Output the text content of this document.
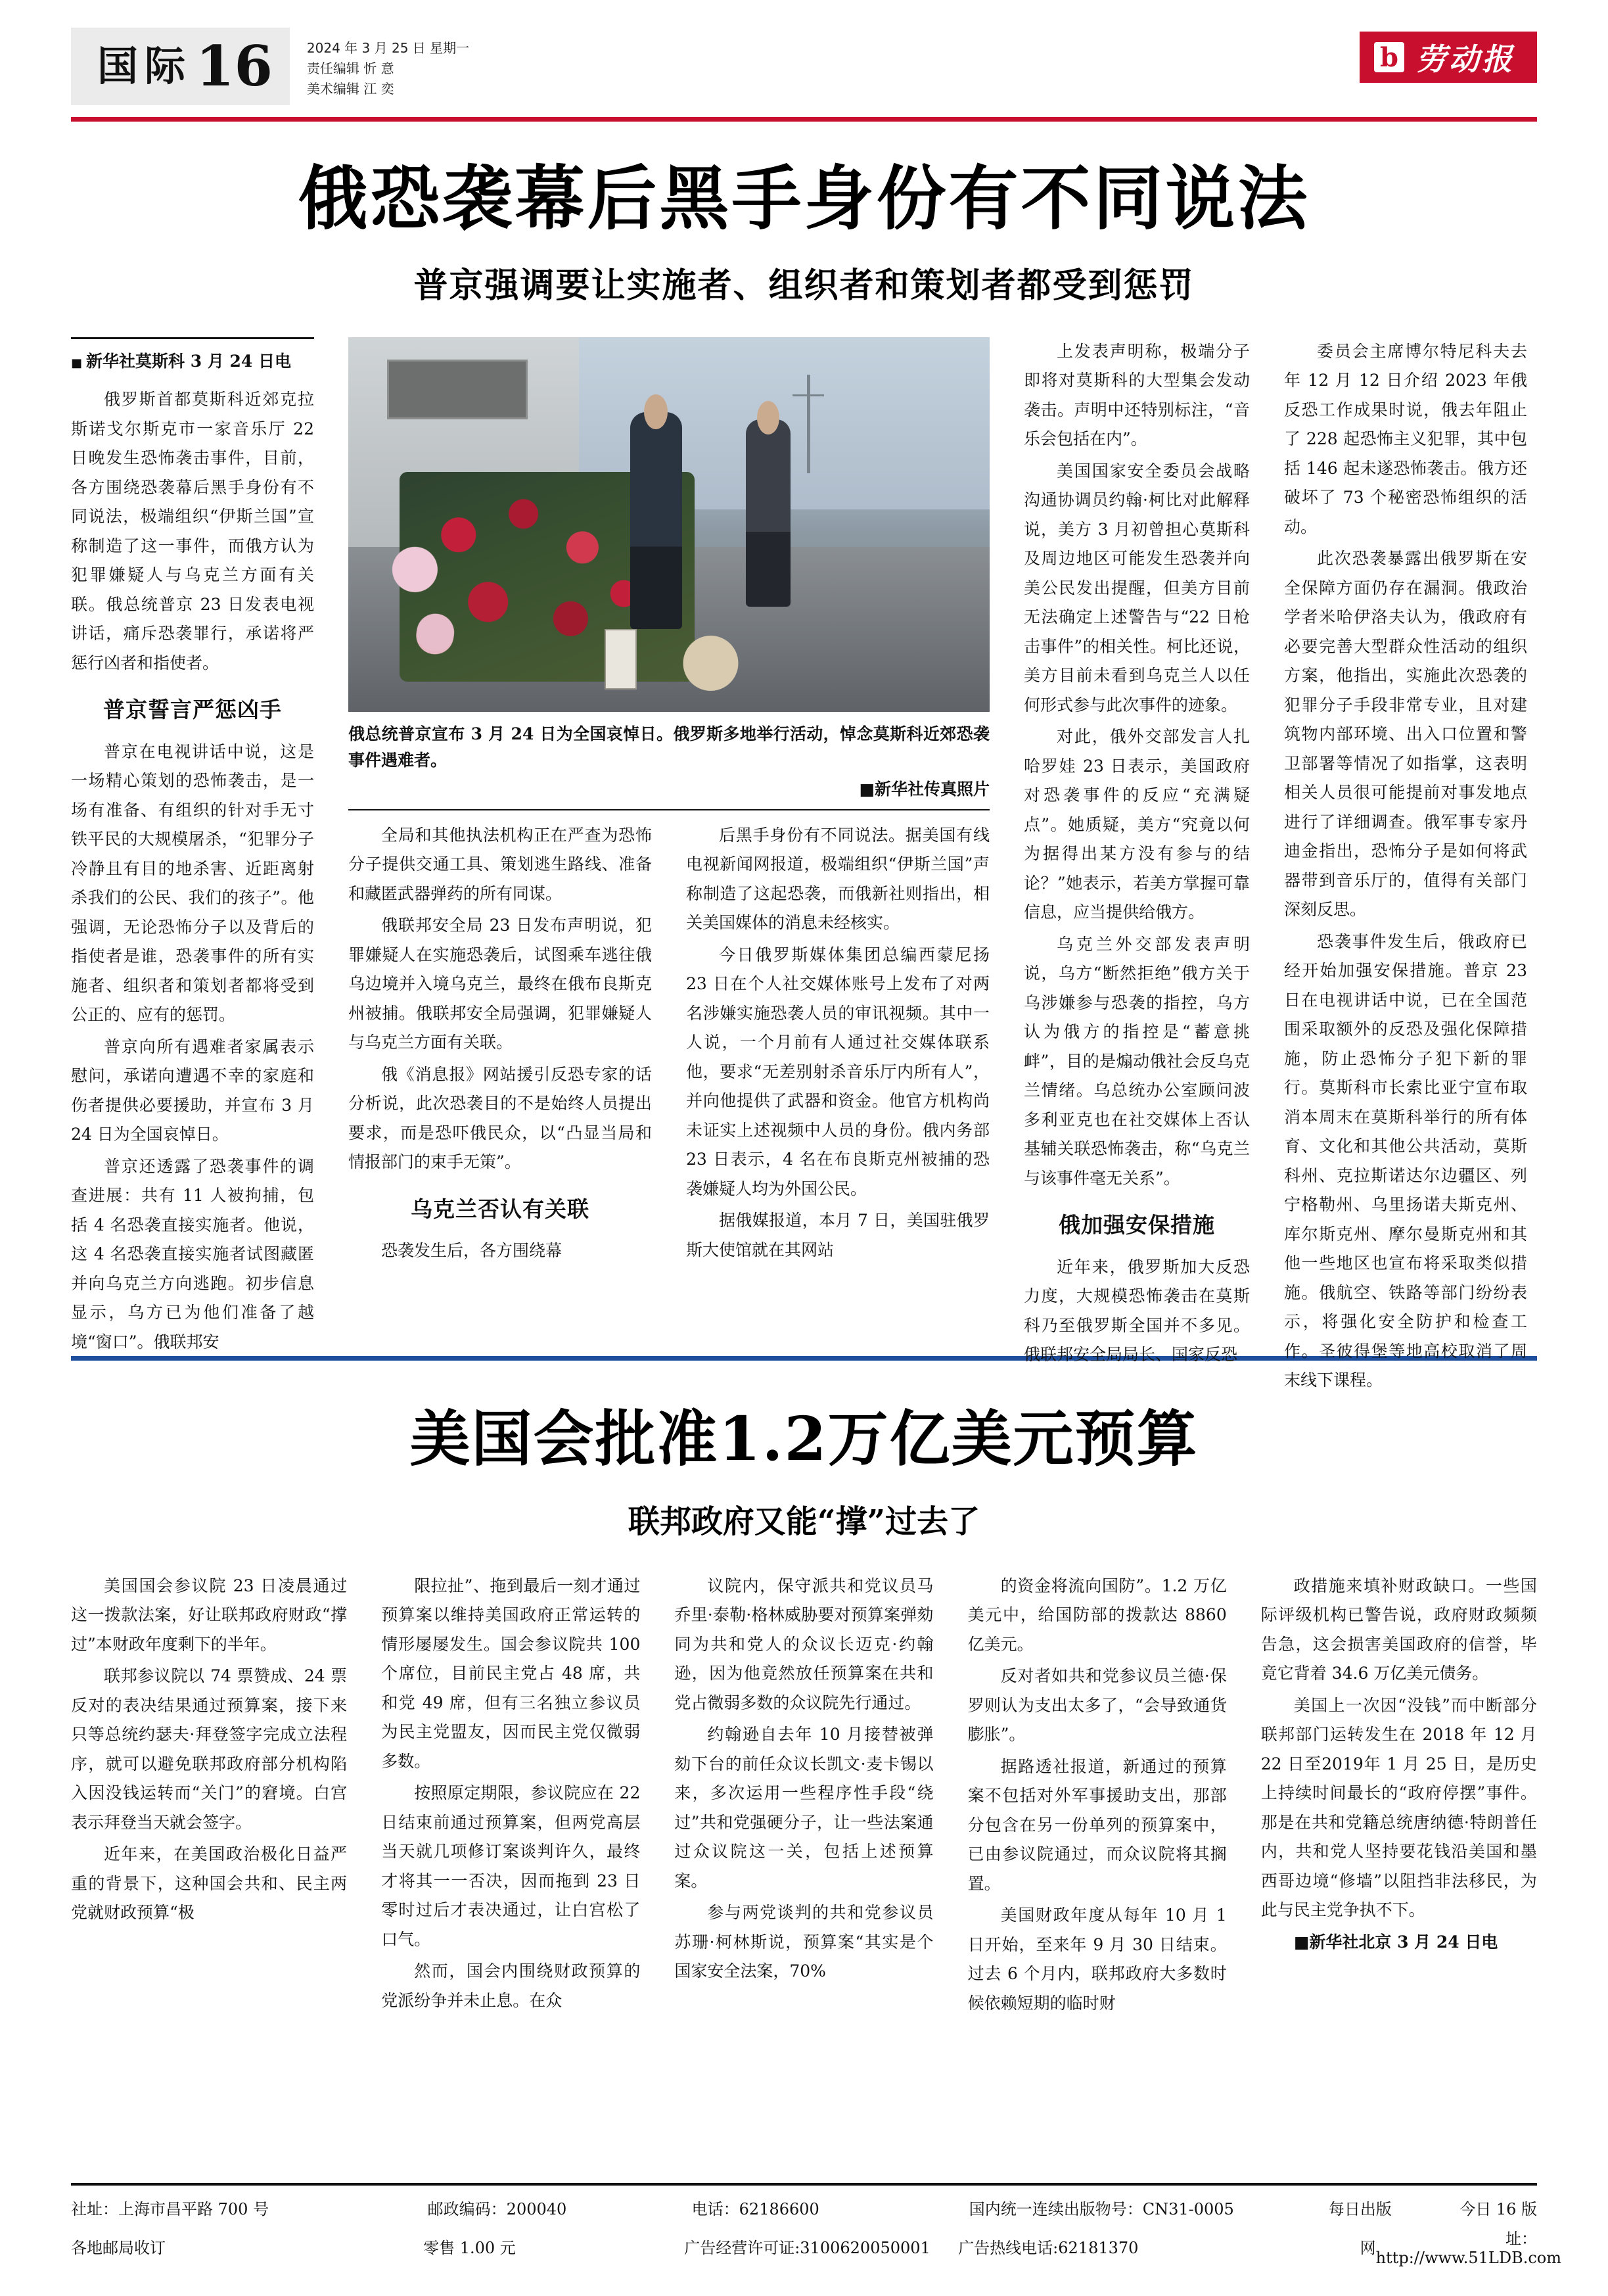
国际 16	2024 年 3 月 25 日 星期一
责任编辑 忻 意
美术编辑 江 奕
b 劳动报
俄恐袭幕后黑手身份有不同说法
普京强调要让实施者、组织者和策划者都受到惩罚
■ 新华社莫斯科 3 月 24 日电

俄罗斯首都莫斯科近郊克拉斯诺戈尔斯克市一家音乐厅 22 日晚发生恐怖袭击事件，目前，各方围绕恐袭幕后黑手身份有不同说法，极端组织“伊斯兰国”宣称制造了这一事件，而俄方认为犯罪嫌疑人与乌克兰方面有关联。俄总统普京 23 日发表电视讲话，痛斥恐袭罪行，承诺将严惩行凶者和指使者。

普京誓言严惩凶手

普京在电视讲话中说，这是一场精心策划的恐怖袭击，是一场有准备、有组织的针对手无寸铁平民的大规模屠杀，“犯罪分子冷静且有目的地杀害、近距离射杀我们的公民、我们的孩子”。他强调，无论恐怖分子以及背后的指使者是谁，恐袭事件的所有实施者、组织者和策划者都将受到公正的、应有的惩罚。

普京向所有遇难者家属表示慰问，承诺向遭遇不幸的家庭和伤者提供必要援助，并宣布 3 月 24 日为全国哀悼日。

普京还透露了恐袭事件的调查进展：共有 11 人被拘捕，包括 4 名恐袭直接实施者。他说，这 4 名恐袭直接实施者试图藏匿并向乌克兰方向逃跑。初步信息显示，乌方已为他们准备了越境“窗口”。俄联邦安

俄总统普京宣布 3 月 24 日为全国哀悼日。俄罗斯多地举行活动，悼念莫斯科近郊恐袭事件遇难者。
■新华社传真照片

全局和其他执法机构正在严查为恐怖分子提供交通工具、策划逃生路线、准备和藏匿武器弹药的所有同谋。

俄联邦安全局 23 日发布声明说，犯罪嫌疑人在实施恐袭后，试图乘车逃往俄乌边境并入境乌克兰，最终在俄布良斯克州被捕。俄联邦安全局强调，犯罪嫌疑人与乌克兰方面有关联。

俄《消息报》网站援引反恐专家的话分析说，此次恐袭目的不是始终人员提出要求，而是恐吓俄民众，以“凸显当局和情报部门的束手无策”。

乌克兰否认有关联

恐袭发生后，各方围绕幕

后黑手身份有不同说法。据美国有线电视新闻网报道，极端组织“伊斯兰国”声称制造了这起恐袭，而俄新社则指出，相关美国媒体的消息未经核实。

今日俄罗斯媒体集团总编西蒙尼扬 23 日在个人社交媒体账号上发布了对两名涉嫌实施恐袭人员的审讯视频。其中一人说，一个月前有人通过社交媒体联系他，要求“无差别射杀音乐厅内所有人”，并向他提供了武器和资金。他官方机构尚未证实上述视频中人员的身份。俄内务部 23 日表示，4 名在布良斯克州被捕的恐袭嫌疑人均为外国公民。

据俄媒报道，本月 7 日，美国驻俄罗斯大使馆就在其网站

上发表声明称，极端分子即将对莫斯科的大型集会发动袭击。声明中还特别标注，“音乐会包括在内”。

美国国家安全委员会战略沟通协调员约翰·柯比对此解释说，美方 3 月初曾担心莫斯科及周边地区可能发生恐袭并向美公民发出提醒，但美方目前无法确定上述警告与“22 日枪击事件”的相关性。柯比还说，美方目前未看到乌克兰人以任何形式参与此次事件的迹象。

对此，俄外交部发言人扎哈罗娃 23 日表示，美国政府对恐袭事件的反应“充满疑点”。她质疑，美方“究竟以何为据得出某方没有参与的结论？”她表示，若美方掌握可靠信息，应当提供给俄方。

乌克兰外交部发表声明说，乌方“断然拒绝”俄方关于乌涉嫌参与恐袭的指控，乌方认为俄方的指控是“蓄意挑衅”，目的是煽动俄社会反乌克兰情绪。乌总统办公室顾问波多利亚克也在社交媒体上否认基辅关联恐怖袭击，称“乌克兰与该事件毫无关系”。

俄加强安保措施

近年来，俄罗斯加大反恐力度，大规模恐怖袭击在莫斯科乃至俄罗斯全国并不多见。俄联邦安全局局长、国家反恐

委员会主席博尔特尼科夫去年 12 月 12 日介绍 2023 年俄反恐工作成果时说，俄去年阻止了 228 起恐怖主义犯罪，其中包括 146 起未遂恐怖袭击。俄方还破坏了 73 个秘密恐怖组织的活动。

此次恐袭暴露出俄罗斯在安全保障方面仍存在漏洞。俄政治学者米哈伊洛夫认为，俄政府有必要完善大型群众性活动的组织方案，他指出，实施此次恐袭的犯罪分子手段非常专业，且对建筑物内部环境、出入口位置和警卫部署等情况了如指掌，这表明相关人员很可能提前对事发地点进行了详细调查。俄军事专家丹迪金指出，恐怖分子是如何将武器带到音乐厅的，值得有关部门深刻反思。

恐袭事件发生后，俄政府已经开始加强安保措施。普京 23 日在电视讲话中说，已在全国范围采取额外的反恐及强化保障措施，防止恐怖分子犯下新的罪行。莫斯科市长索比亚宁宣布取消本周末在莫斯科举行的所有体育、文化和其他公共活动，莫斯科州、克拉斯诺达尔边疆区、列宁格勒州、乌里扬诺夫斯克州、库尔斯克州、摩尔曼斯克州和其他一些地区也宣布将采取类似措施。俄航空、铁路等部门纷纷表示，将强化安全防护和检查工作。圣彼得堡等地高校取消了周末线下课程。

美国会批准1.2万亿美元预算
联邦政府又能“撑”过去了

美国国会参议院 23 日凌晨通过这一拨款法案，好让联邦政府财政“撑过”本财政年度剩下的半年。

联邦参议院以 74 票赞成、24 票反对的表决结果通过预算案，接下来只等总统约瑟夫·拜登签字完成立法程序，就可以避免联邦政府部分机构陷入因没钱运转而“关门”的窘境。白宫表示拜登当天就会签字。

近年来，在美国政治极化日益严重的背景下，这种国会共和、民主两党就财政预算“极

限拉扯”、拖到最后一刻才通过预算案以维持美国政府正常运转的情形屡屡发生。国会参议院共 100 个席位，目前民主党占 48 席，共和党 49 席，但有三名独立参议员为民主党盟友，因而民主党仅微弱多数。

按照原定期限，参议院应在 22 日结束前通过预算案，但两党高层当天就几项修订案谈判许久，最终才将其一一否决，因而拖到 23 日零时过后才表决通过，让白宫松了口气。

然而，国会内围绕财政预算的党派纷争并未止息。在众

议院内，保守派共和党议员马乔里·泰勒·格林威胁要对预算案弹劾同为共和党人的众议长迈克·约翰逊，因为他竟然放任预算案在共和党占微弱多数的众议院先行通过。

约翰逊自去年 10 月接替被弹劾下台的前任众议长凯文·麦卡锡以来，多次运用一些程序性手段“绕过”共和党强硬分子，让一些法案通过众议院这一关，包括上述预算案。

参与两党谈判的共和党参议员苏珊·柯林斯说，预算案“其实是个国家安全法案，70%

的资金将流向国防”。1.2 万亿美元中，给国防部的拨款达 8860 亿美元。

反对者如共和党参议员兰德·保罗则认为支出太多了，“会导致通货膨胀”。

据路透社报道，新通过的预算案不包括对外军事援助支出，那部分包含在另一份单列的预算案中，已由参议院通过，而众议院将其搁置。

美国财政年度从每年 10 月 1 日开始，至来年 9 月 30 日结束。过去 6 个月内，联邦政府大多数时候依赖短期的临时财

政措施来填补财政缺口。一些国际评级机构已警告说，政府财政频频告急，这会损害美国政府的信誉，毕竟它背着 34.6 万亿美元债务。

美国上一次因“没钱”而中断部分联邦部门运转发生在 2018 年 12 月22 日至2019年 1 月 25 日，是历史上持续时间最长的“政府停摆”事件。那是在共和党籍总统唐纳德·特朗普任内，共和党人坚持要花钱沿美国和墨西哥边境“修墙”以阻挡非法移民，为此与民主党争执不下。

■新华社北京 3 月 24 日电

社址：上海市昌平路 700 号	邮政编码：200040	电话：62186600	国内统一连续出版物号：CN31-0005	每日出版	今日 16 版
各地邮局收订	零售 1.00 元	广告经营许可证:3100620050001	广告热线电话:62181370	网	址：http://www.51LDB.com
